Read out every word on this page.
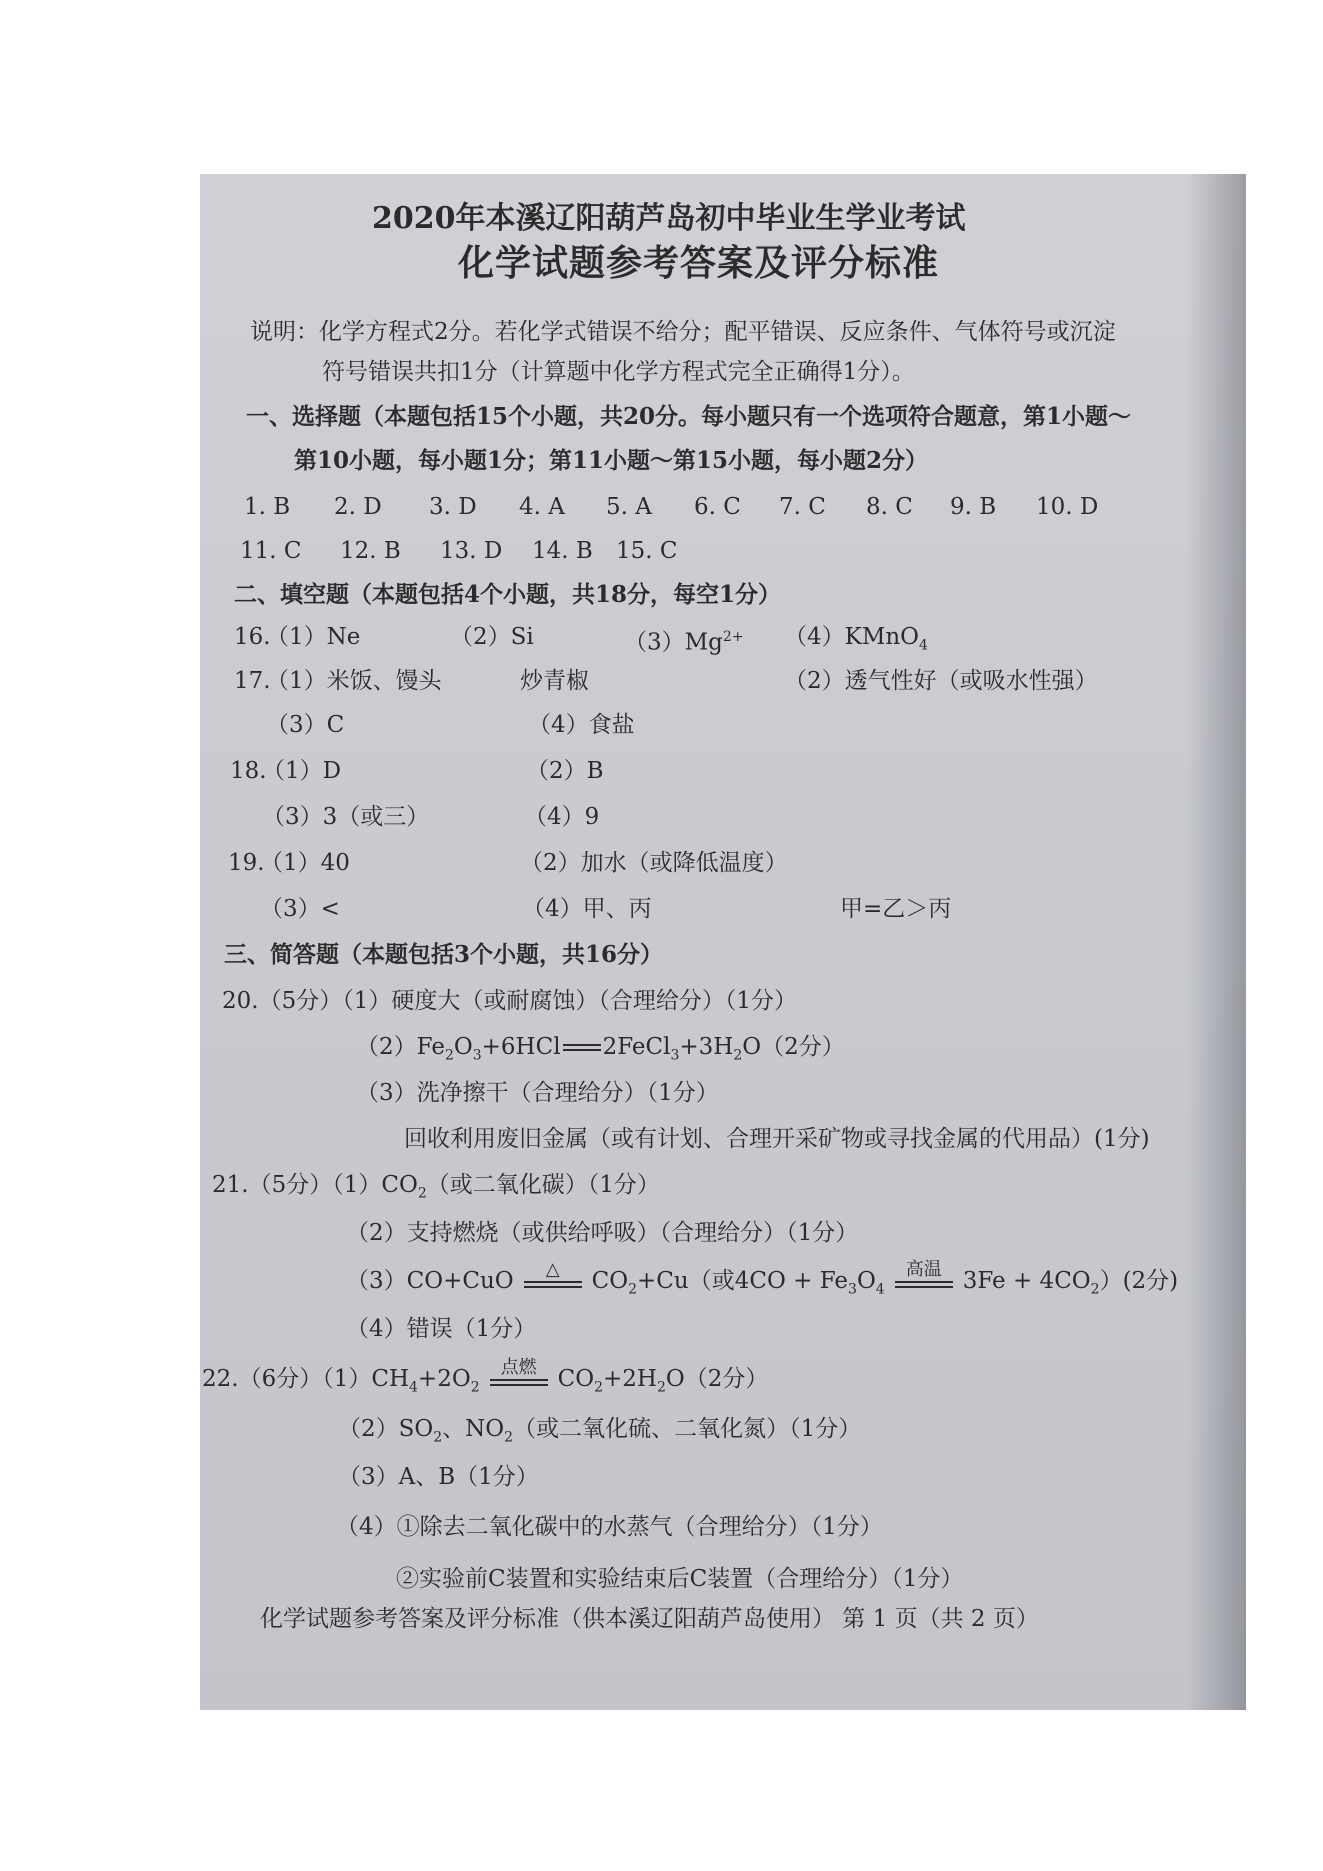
2020年本溪辽阳葫芦岛初中毕业生学业考试
化学试题参考答案及评分标准
说明：化学方程式2分。若化学式错误不给分；配平错误、反应条件、气体符号或沉淀
符号错误共扣1分（计算题中化学方程式完全正确得1分）。
一、选择题（本题包括15个小题，共20分。每小题只有一个选项符合题意，第1小题～
第10小题，每小题1分；第11小题～第15小题，每小题2分）
1. B 2. D 3. D 4. A 5. A 6. C 7. C 8. C 9. B 10. D
11. C 12. B 13. D 14. B 15. C
二、填空题（本题包括4个小题，共18分，每空1分）
16.
（1）Ne	（2）Si	$(3)Mg^{2+}$ （4）KMnO$_4$
17.
（1）米饭、馒头	炒青椒	（2）透气性好（或吸水性强）
（3）C	（4）食盐
18.
（1）D	（2）B
（3）3（或三）	（4）9
19.
（1）40	（2）加水（或降低温度）
（3）<	（4）甲、丙	甲=乙＞丙
三、简答题（本题包括3个小题，共16分）
20.（5分）（1）硬度大（或耐腐蚀）（合理给分）（1分）
$(2)Fe_2O_3+6HCl$ $2FeCl_3+3H_2O(2$分）
（3）洗净擦干（合理给分）（1分）
回收利用废旧金属（或有计划、合理开采矿物或寻找金属的代用品）(1分)
21.（5分）$(1)CO_2$（或二氧化碳）（1分）
（2）支持燃烧（或供给呼吸）（合理给分）（1分）
（3）CO+CuO	△	$CO_2+Cu$（或$4CO + Fe_3O_4$
高温 $3Fe + 4CO_2)(2$分)
（4）错误（1分）
22.（6分）$(1)CH_4+2O_2$
点燃 $CO_2+2H_2O(2$分）
$(2)SO_2$、$NO_2$（或二氧化硫、二氧化氮）（1分）
（3）A、B（1分）
（4）①除去二氧化碳中的水蒸气（合理给分）（1分）
②实验前C装置和实验结束后C装置（合理给分）（1分）
化学试题参考答案及评分标准（供本溪辽阳葫芦岛使用） 第 1 页（共 2 页）
